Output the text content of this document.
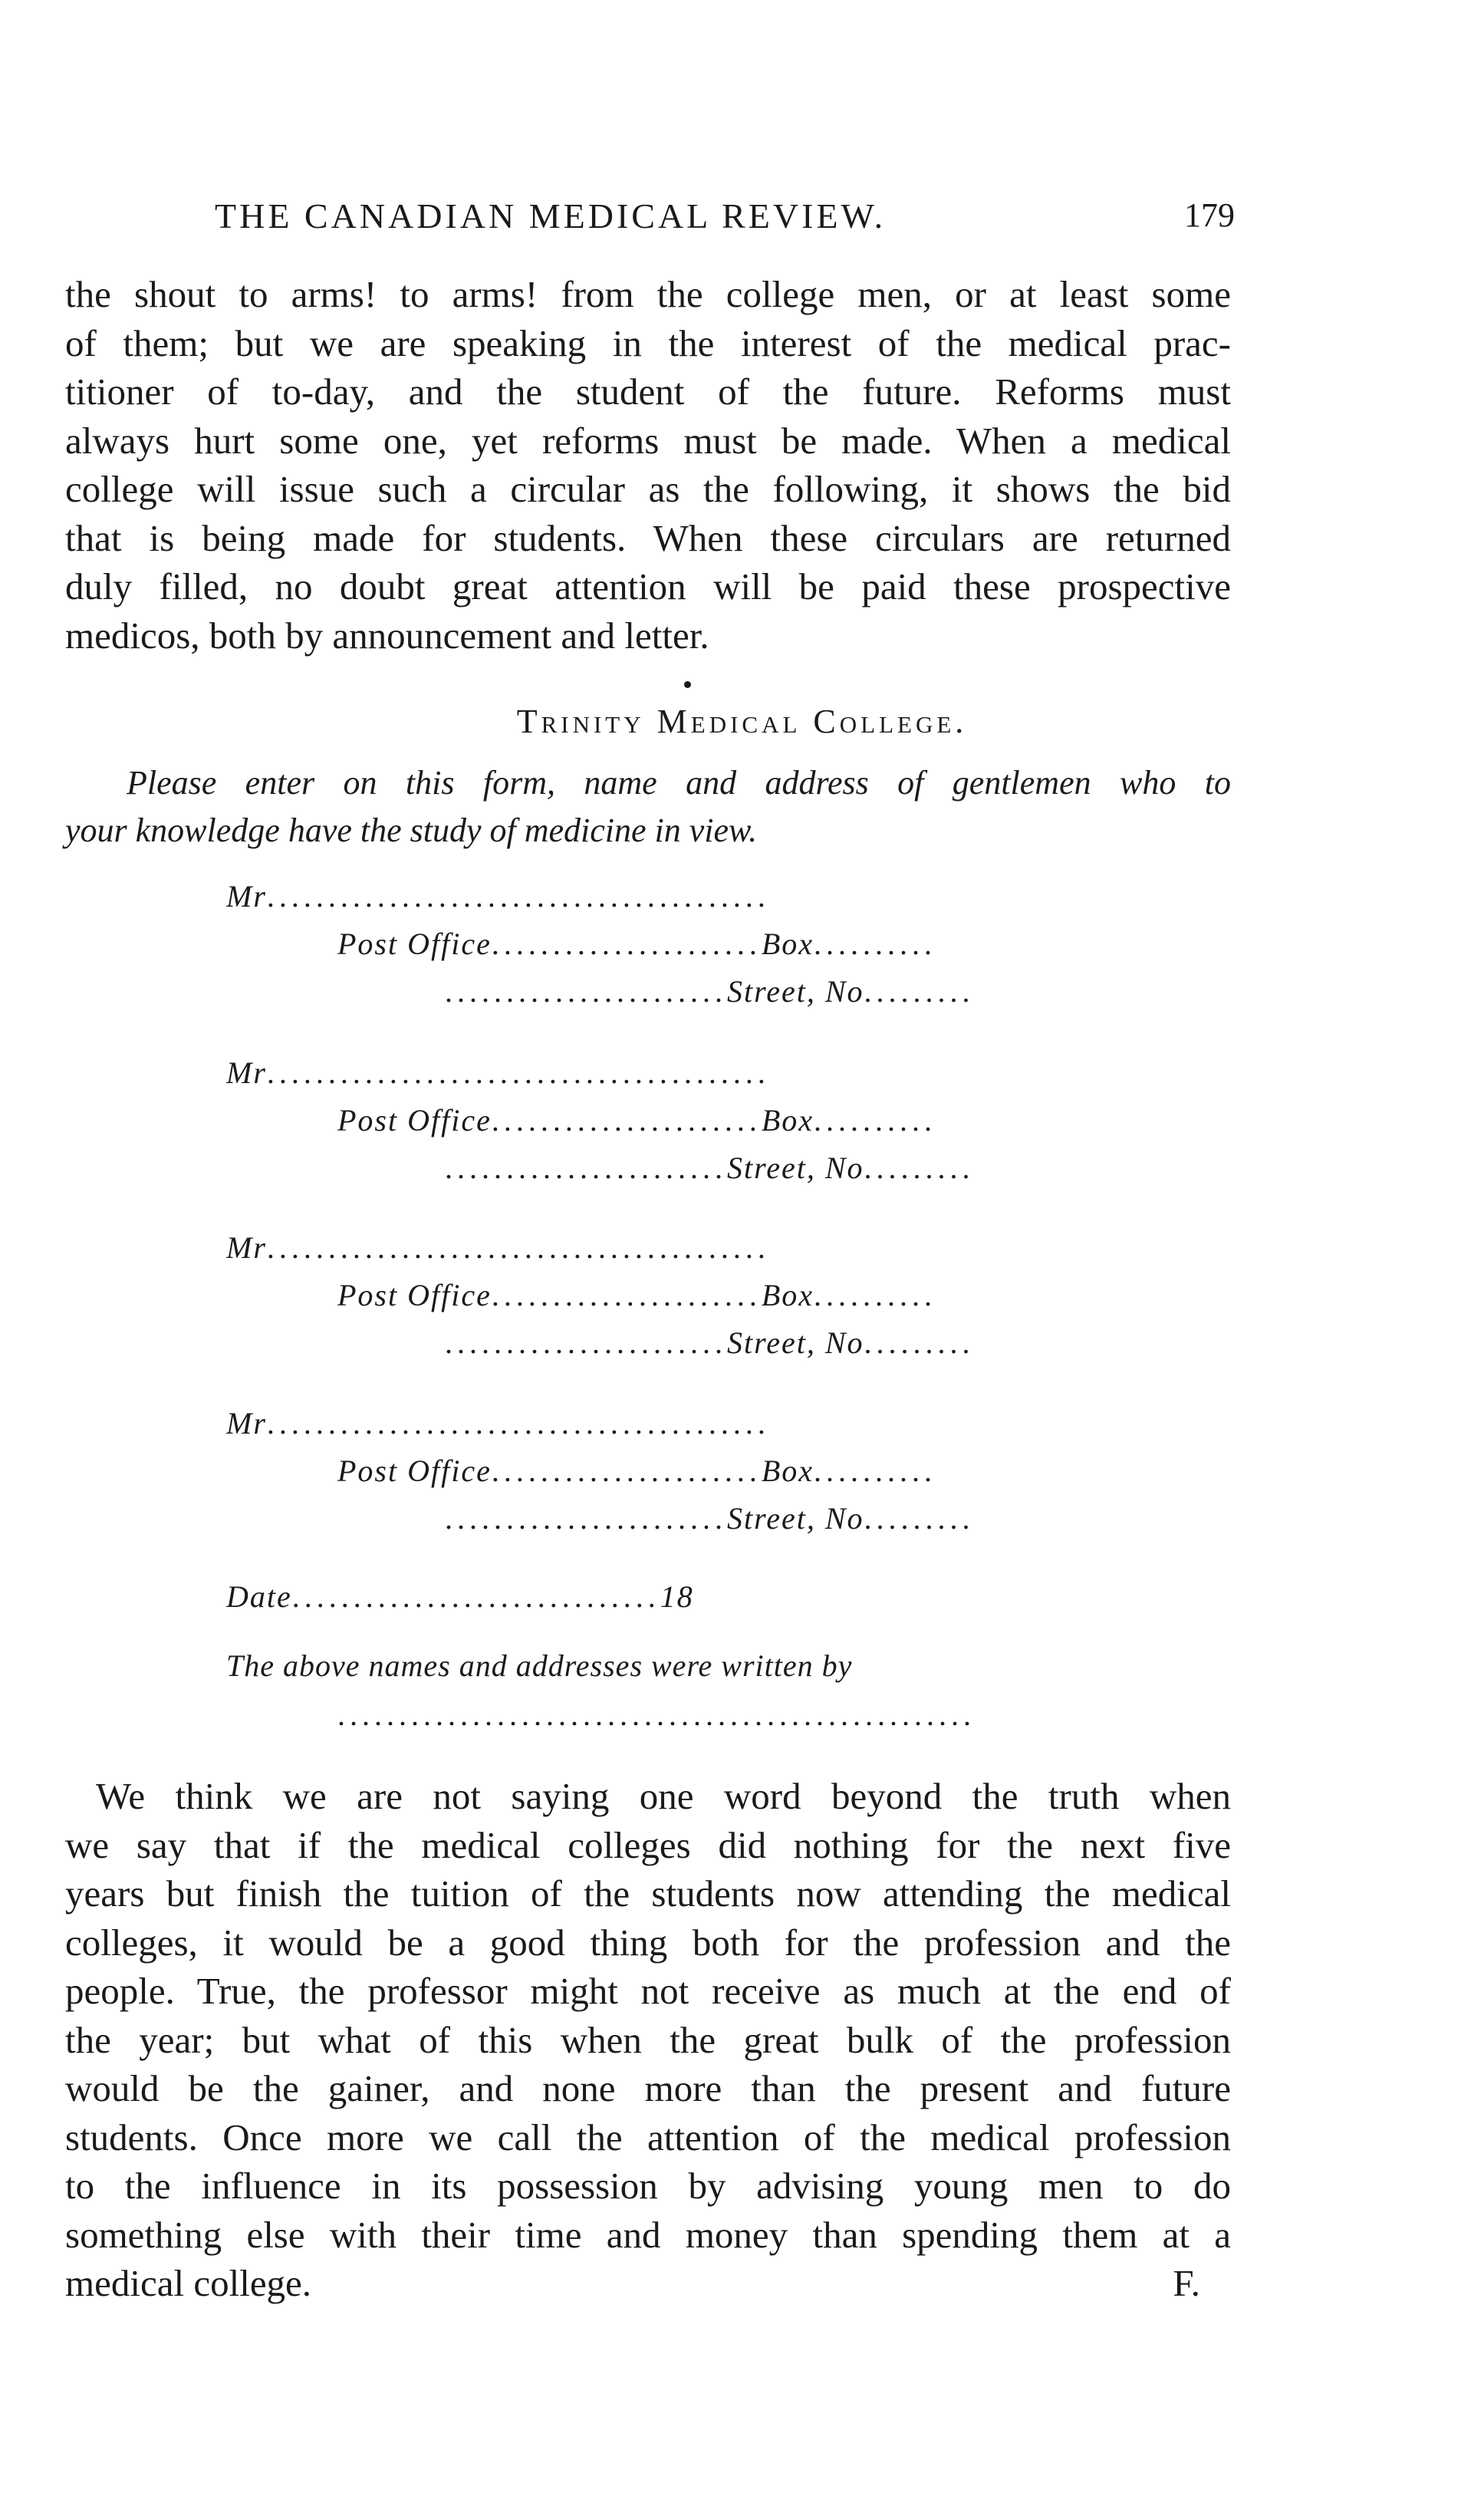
THE CANADIAN MEDICAL REVIEW.	179
the shout to arms! to arms! from the college men, or at least some
of them; but we are speaking in the interest of the medical prac-
titioner of to-day, and the student of the future. Reforms must
always hurt some one, yet reforms must be made. When a medical
college will issue such a circular as the following, it shows the bid
that is being made for students. When these circulars are returned
duly filled, no doubt great attention will be paid these prospective
medicos, both by announcement and letter.
Trinity Medical College.
Please enter on this form, name and address of gentlemen who to
your knowledge have the study of medicine in view.
Mr.........................................
Post Office......................Box..........
.......................Street, No.........
Mr.........................................
Post Office......................Box..........
.......................Street, No.........
Mr.........................................
Post Office......................Box..........
.......................Street, No.........
Mr.........................................
Post Office......................Box..........
.......................Street, No.........
Date..............................18
The above names and addresses were written by
....................................................
We think we are not saying one word beyond the truth when
we say that if the medical colleges did nothing for the next five
years but finish the tuition of the students now attending the medical
colleges, it would be a good thing both for the profession and the
people. True, the professor might not receive as much at the end of
the year; but what of this when the great bulk of the profession
would be the gainer, and none more than the present and future
students. Once more we call the attention of the medical profession
to the influence in its possession by advising young men to do
something else with their time and money than spending them at a
medical college.	F.
